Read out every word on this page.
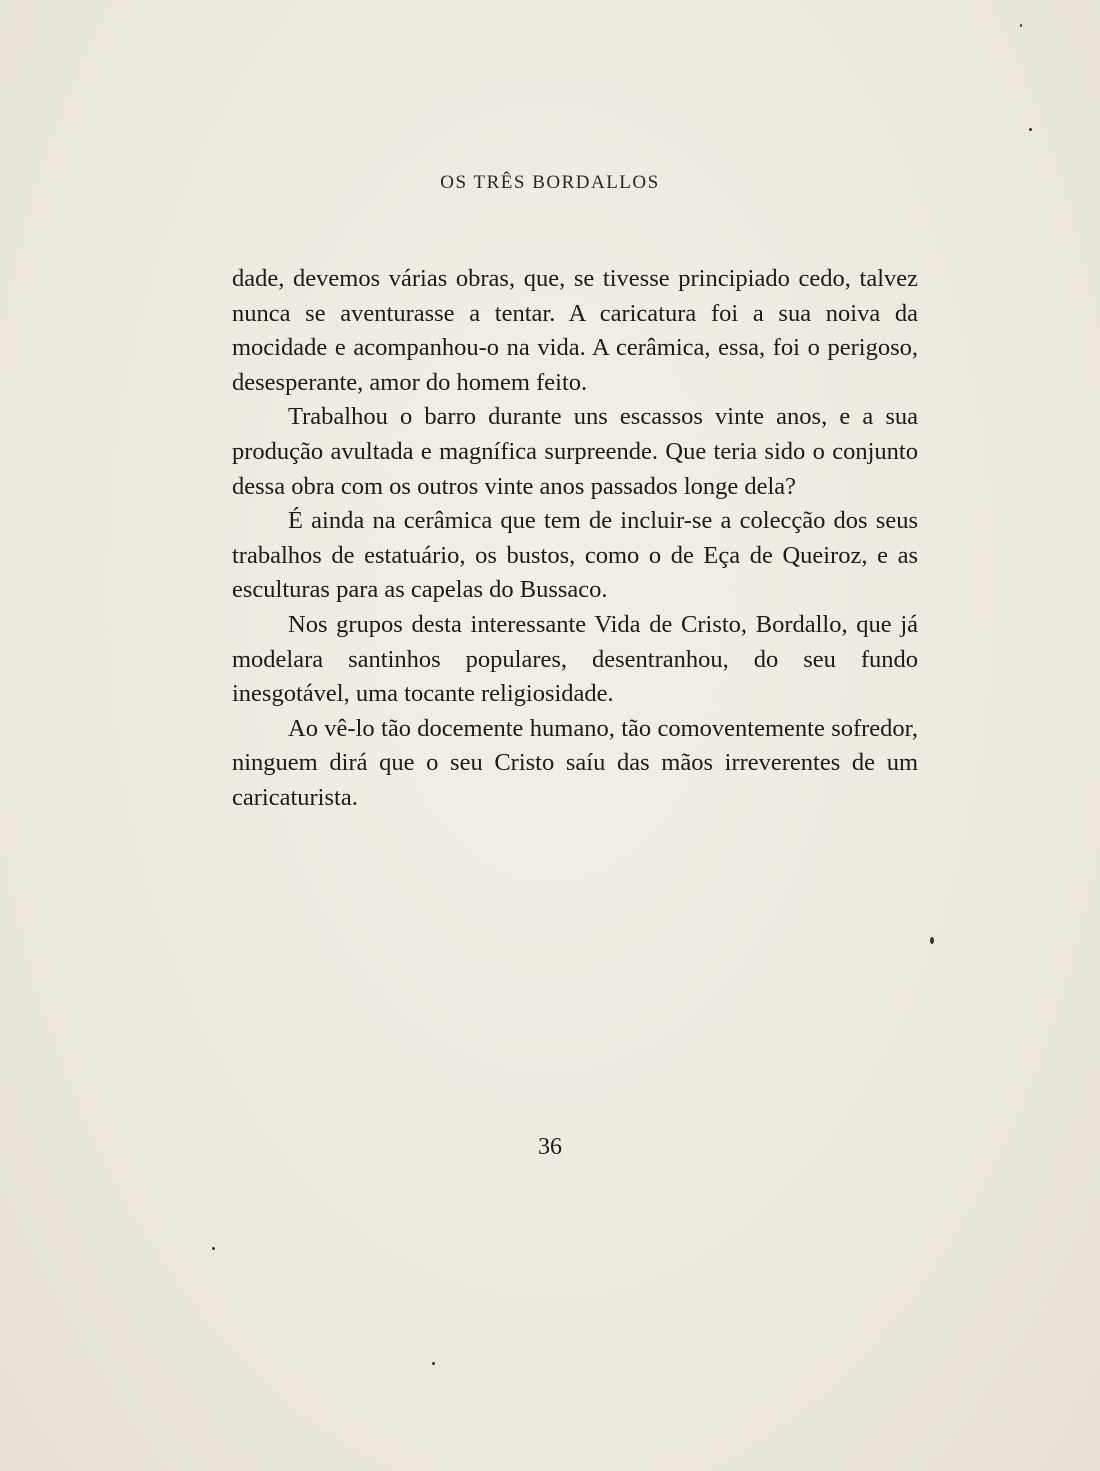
OS TRÊS BORDALLOS

dade, devemos várias obras, que, se tivesse principiado cedo, talvez nunca se aventurasse a tentar. A caricatura foi a sua noiva da mocidade e acompanhou-o na vida. A cerâmica, essa, foi o perigoso, desesperante, amor do homem feito.

Trabalhou o barro durante uns escassos vinte anos, e a sua produção avultada e magnífica surpreende. Que teria sido o conjunto dessa obra com os outros vinte anos passados longe dela?

É ainda na cerâmica que tem de incluir-se a colecção dos seus trabalhos de estatuário, os bustos, como o de Eça de Queiroz, e as esculturas para as capelas do Bussaco.

Nos grupos desta interessante Vida de Cristo, Bordallo, que já modelara santinhos populares, desentranhou, do seu fundo inesgotável, uma tocante religiosidade.

Ao vê-lo tão docemente humano, tão comoventemente sofredor, ninguem dirá que o seu Cristo saíu das mãos irreverentes de um caricaturista.

36
